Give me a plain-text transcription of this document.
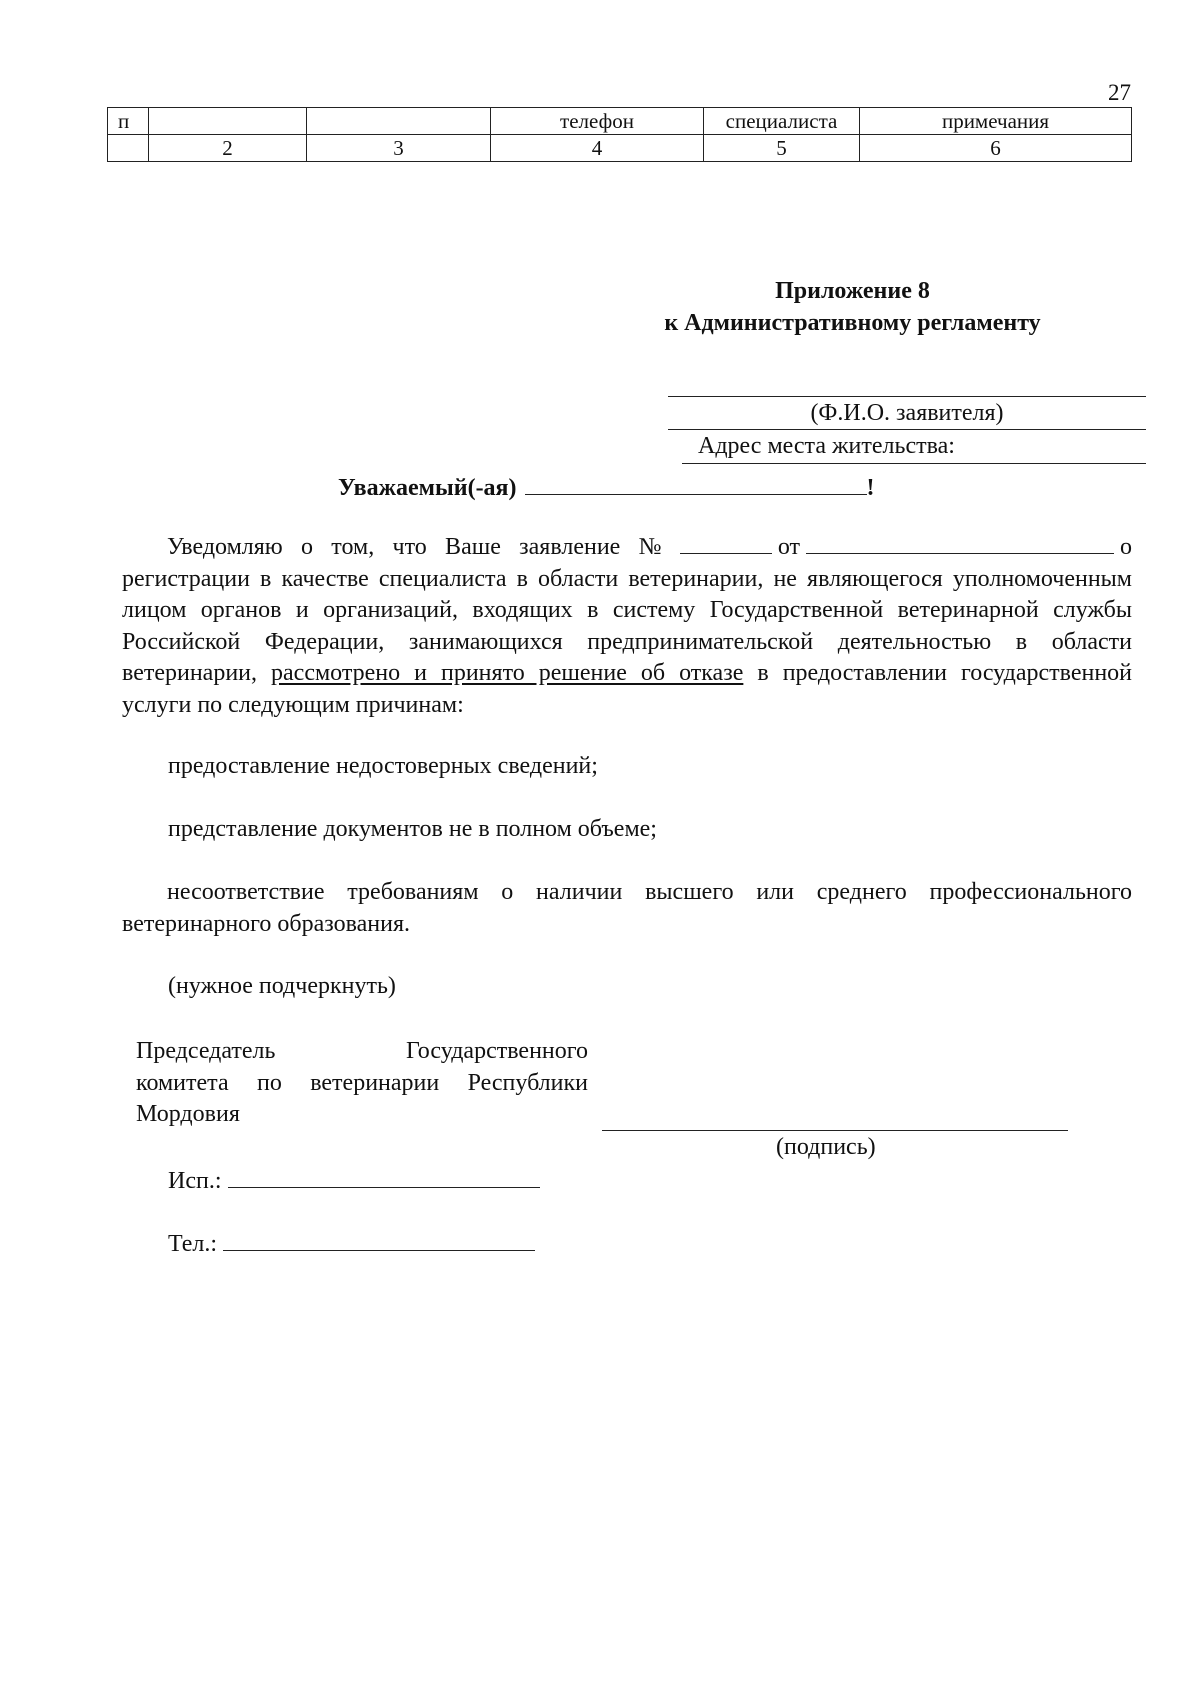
27
п			телефон	специалиста	примечания
	2	3	4	5	6
Приложение 8
к Административному регламенту
(Ф.И.О. заявителя)
Адрес места жительства:
Уважаемый(-ая)	!
Уведомляю о том, что Ваше заявление №	от	о регистрации в качестве специалиста в области ветеринарии, не являющегося уполномоченным лицом органов и организаций, входящих в систему Государственной ветеринарной службы Российской Федерации, занимающихся предпринимательской деятельностью в области ветеринарии, рассмотрено и принято решение об отказе в предоставлении государственной услуги по следующим причинам:
предоставление недостоверных сведений;
представление документов не в полном объеме;
несоответствие требованиям о наличии высшего или среднего профессионального ветеринарного образования.
(нужное подчеркнуть)
Председатель Государственного
комитета по ветеринарии Республики
Мордовия
(подпись)
Исп.:
Тел.:
